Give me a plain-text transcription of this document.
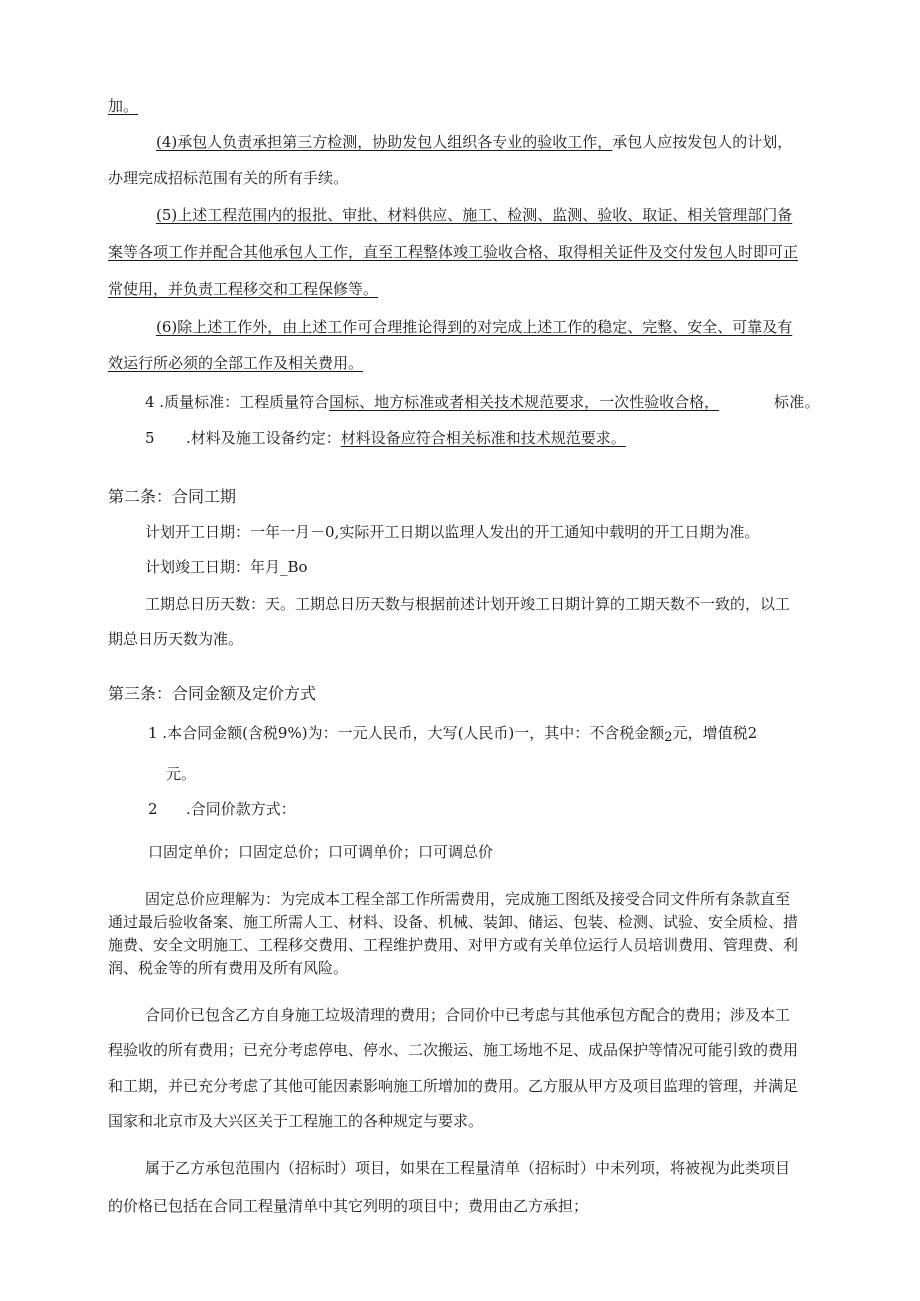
加。
(4)承包人负责承担第三方检测，协助发包人组织各专业的验收工作，承包人应按发包人的计划，
办理完成招标范围有关的所有手续。
(5)上述工程范围内的报批、审批、材料供应、施工、检测、监测、验收、取证、相关管理部门备
案等各项工作并配合其他承包人工作，直至工程整体竣工验收合格、取得相关证件及交付发包人时即可正
常使用，并负责工程移交和工程保修等。
(6)除上述工作外，由上述工作可合理推论得到的对完成上述工作的稳定、完整、安全、可靠及有
效运行所必须的全部工作及相关费用。
4 .质量标准：工程质量符合国标、地方标准或者相关技术规范要求，一次性验收合格，	标准。
5 .材料及施工设备约定：材料设备应符合相关标准和技术规范要求。
第二条：合同工期
计划开工日期：一年一月－0,实际开工日期以监理人发出的开工通知中载明的开工日期为准。
计划竣工日期：年月_Bo
工期总日历天数：天。工期总日历天数与根据前述计划开竣工日期计算的工期天数不一致的，以工
期总日历天数为准。
第三条：合同金额及定价方式
1 .本合同金额(含税9%)为：一元人民币，大写(人民币)一，其中：不含税金额2元，增值税2
元。
2 .合同价款方式：
口固定单价；口固定总价；口可调单价；口可调总价
固定总价应理解为：为完成本工程全部工作所需费用，完成施工图纸及接受合同文件所有条款直至
通过最后验收备案、施工所需人工、材料、设备、机械、装卸、储运、包装、检测、试验、安全质检、措
施费、安全文明施工、工程移交费用、工程维护费用、对甲方或有关单位运行人员培训费用、管理费、利
润、税金等的所有费用及所有风险。
合同价已包含乙方自身施工垃圾清理的费用；合同价中已考虑与其他承包方配合的费用；涉及本工
程验收的所有费用；已充分考虑停电、停水、二次搬运、施工场地不足、成品保护等情况可能引致的费用
和工期，并已充分考虑了其他可能因素影响施工所增加的费用。乙方服从甲方及项目监理的管理，并满足
国家和北京市及大兴区关于工程施工的各种规定与要求。
属于乙方承包范围内（招标时）项目，如果在工程量清单（招标时）中未列项，将被视为此类项目
的价格已包括在合同工程量清单中其它列明的项目中；费用由乙方承担；
